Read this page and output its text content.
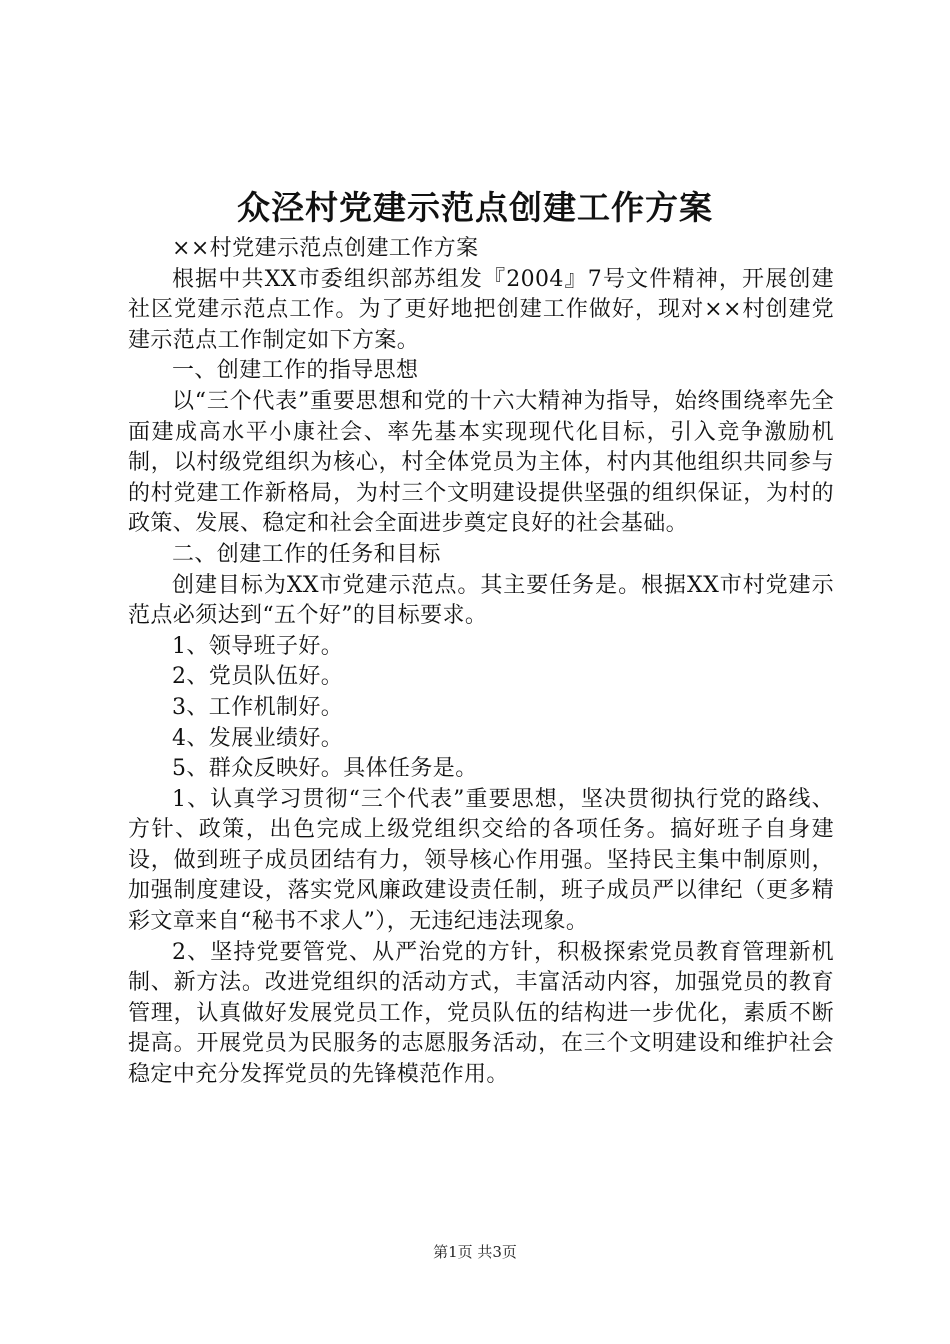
众泾村党建示范点创建工作方案

××村党建示范点创建工作方案

根据中共XX市委组织部苏组发『2004』7号文件精神，开展创建社区党建示范点工作。为了更好地把创建工作做好，现对××村创建党建示范点工作制定如下方案。

一、创建工作的指导思想

以“三个代表”重要思想和党的十六大精神为指导，始终围绕率先全面建成高水平小康社会、率先基本实现现代化目标，引入竞争激励机制，以村级党组织为核心，村全体党员为主体，村内其他组织共同参与的村党建工作新格局，为村三个文明建设提供坚强的组织保证，为村的政策、发展、稳定和社会全面进步奠定良好的社会基础。

二、创建工作的任务和目标

创建目标为XX市党建示范点。其主要任务是。根据XX市村党建示范点必须达到“五个好”的目标要求。

1、领导班子好。

2、党员队伍好。

3、工作机制好。

4、发展业绩好。

5、群众反映好。具体任务是。

1、认真学习贯彻“三个代表”重要思想，坚决贯彻执行党的路线、方针、政策，出色完成上级党组织交给的各项任务。搞好班子自身建设，做到班子成员团结有力，领导核心作用强。坚持民主集中制原则，加强制度建设，落实党风廉政建设责任制，班子成员严以律纪（更多精彩文章来自“秘书不求人”），无违纪违法现象。

2、坚持党要管党、从严治党的方针，积极探索党员教育管理新机制、新方法。改进党组织的活动方式，丰富活动内容，加强党员的教育管理，认真做好发展党员工作，党员队伍的结构进一步优化，素质不断提高。开展党员为民服务的志愿服务活动，在三个文明建设和维护社会稳定中充分发挥党员的先锋模范作用。

第1页 共3页
